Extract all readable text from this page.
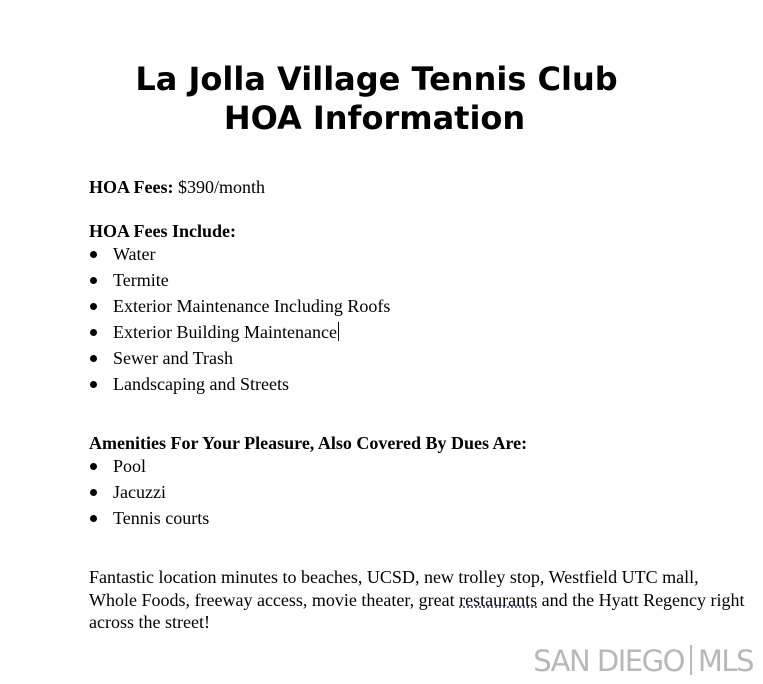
La Jolla Village Tennis Club
HOA Information
HOA Fees: $390/month
HOA Fees Include:
Water
Termite
Exterior Maintenance Including Roofs
Exterior Building Maintenance
Sewer and Trash
Landscaping and Streets
Amenities For Your Pleasure, Also Covered By Dues Are:
Pool
Jacuzzi
Tennis courts

Fantastic location minutes to beaches, UCSD, new trolley stop, Westfield UTC mall, Whole Foods, freeway access, movie theater, great restaurants and the Hyatt Regency right across the street!

SAN DIEGO MLS
